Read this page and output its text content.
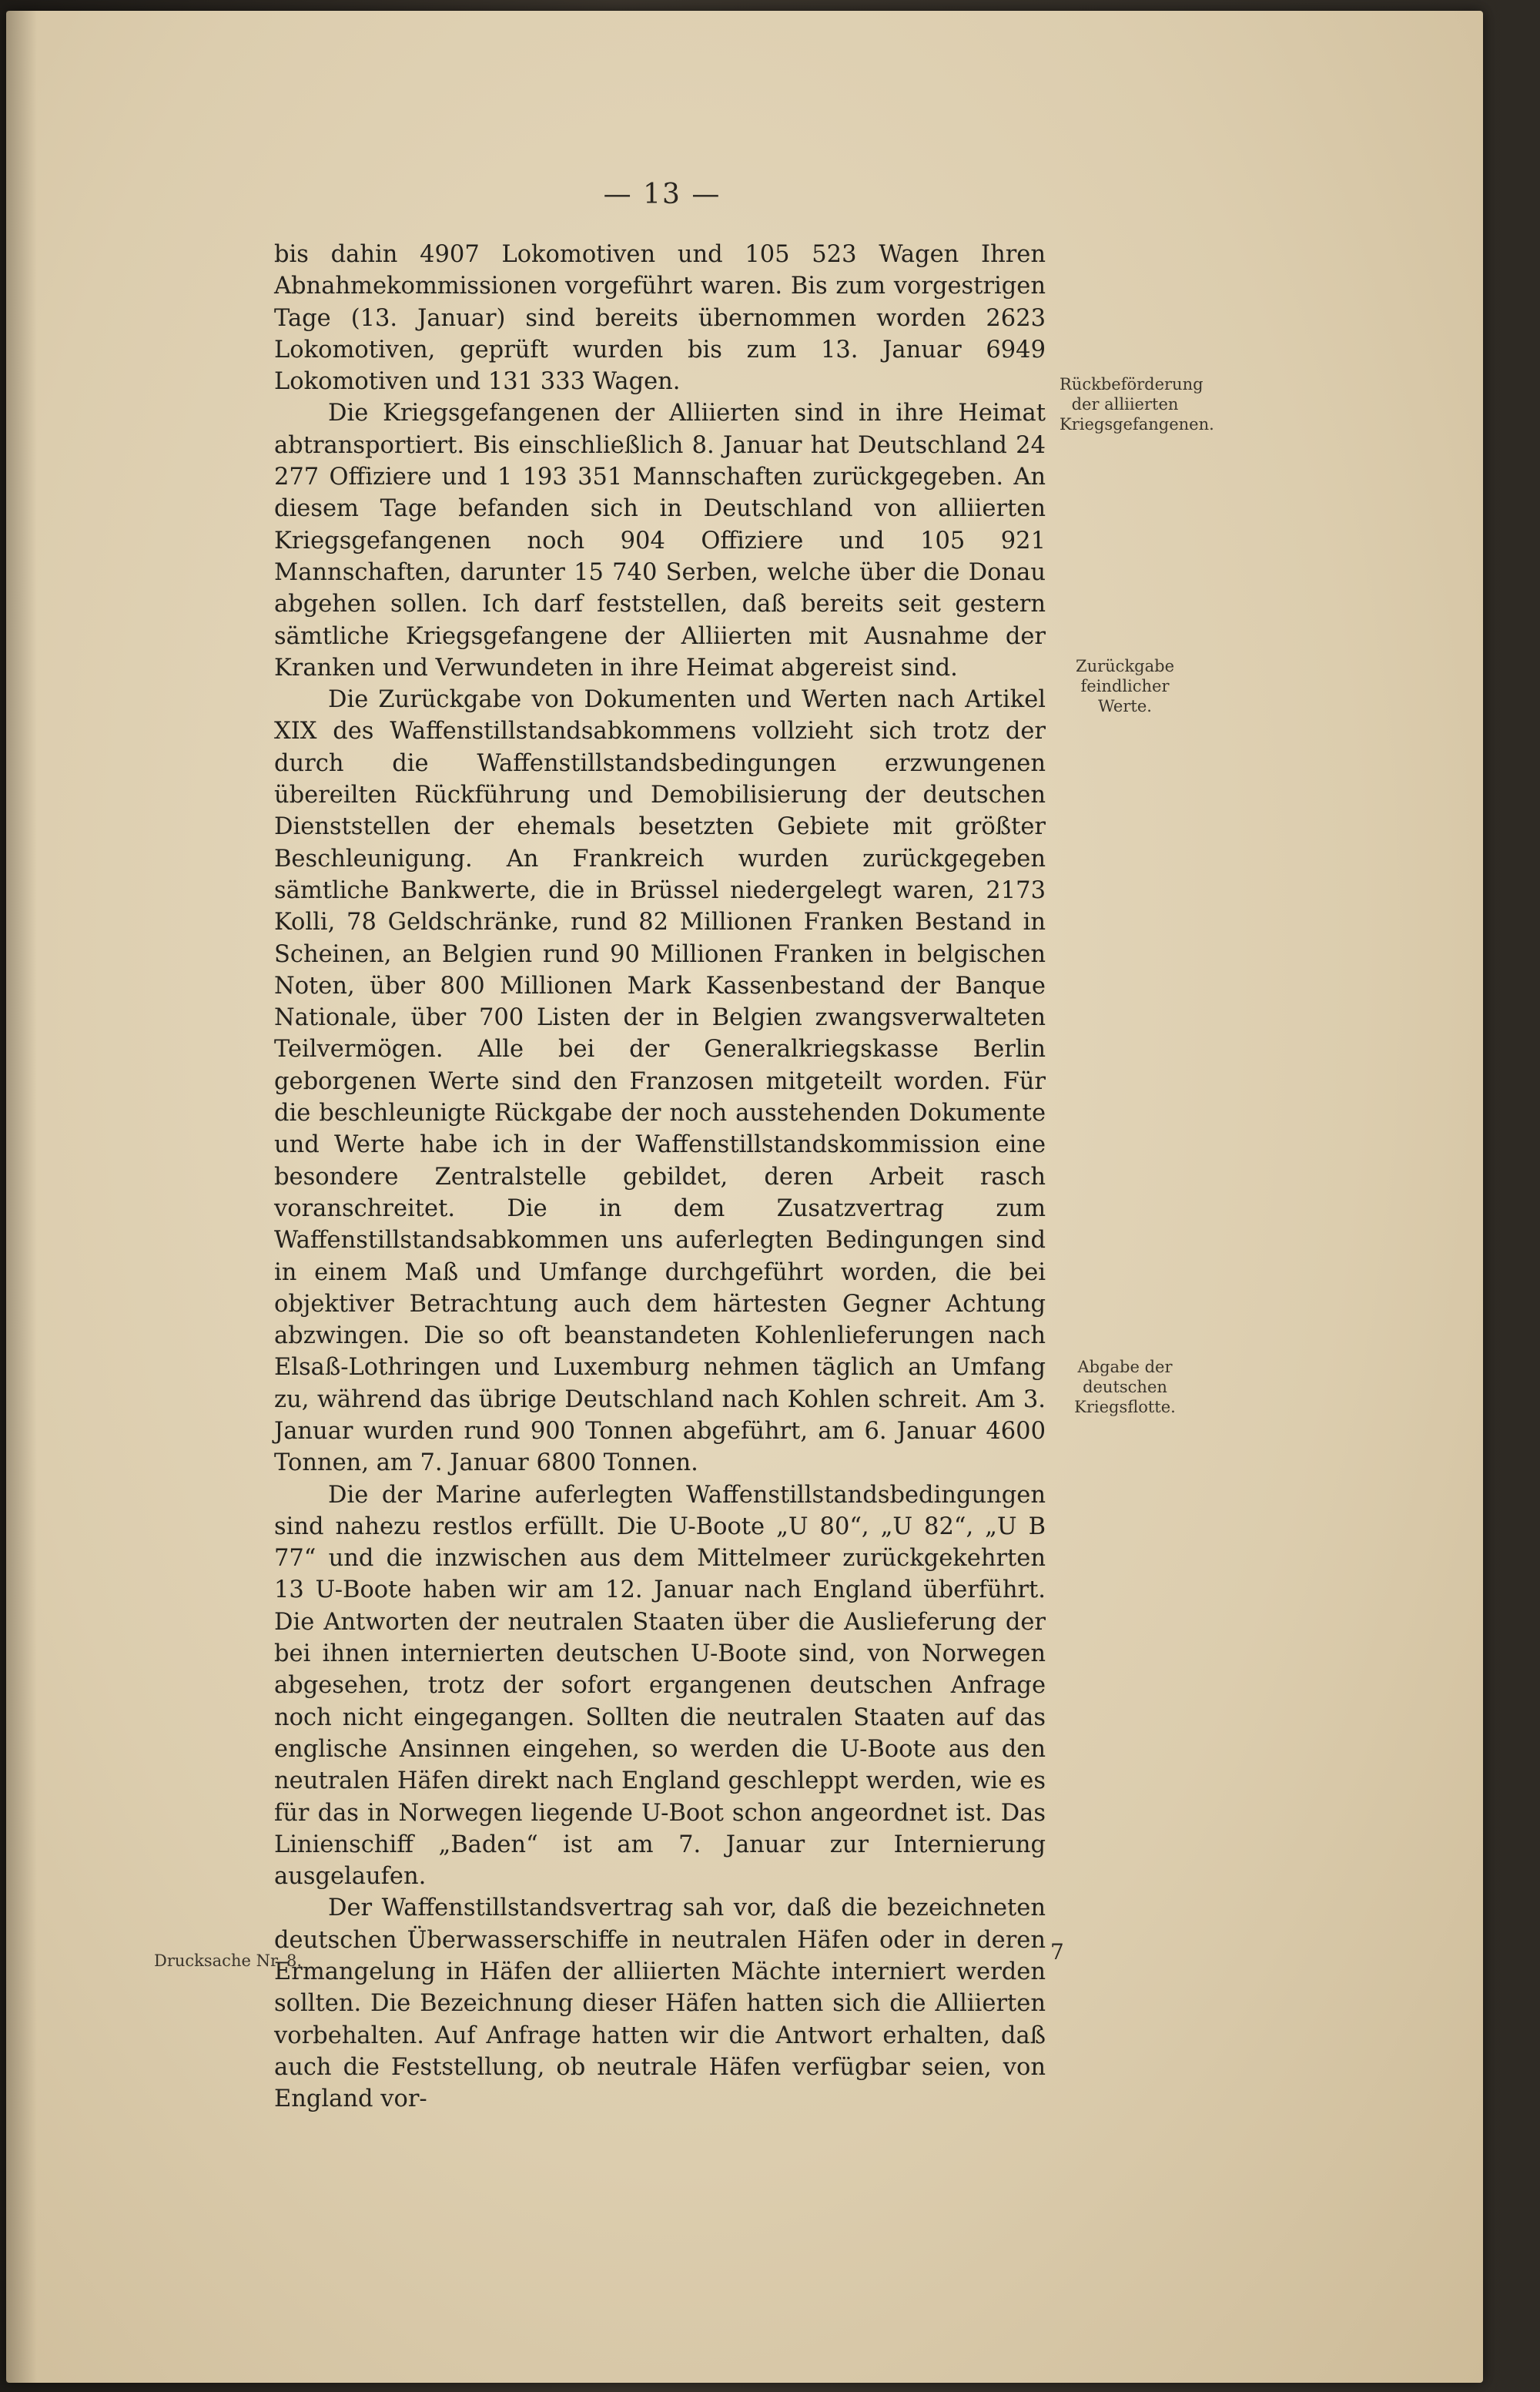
— 13 —

bis dahin 4907 Lokomotiven und 105 523 Wagen Ihren Abnahmekommissionen vorgeführt waren. Bis zum vorgestrigen Tage (13. Januar) sind bereits übernommen worden 2623 Lokomotiven, geprüft wurden bis zum 13. Januar 6949 Lokomotiven und 131 333 Wagen.

Die Kriegsgefangenen der Alliierten sind in ihre Heimat abtransportiert. Bis einschließlich 8. Januar hat Deutschland 24 277 Offiziere und 1 193 351 Mannschaften zurückgegeben. An diesem Tage befanden sich in Deutschland von alliierten Kriegsgefangenen noch 904 Offiziere und 105 921 Mannschaften, darunter 15 740 Serben, welche über die Donau abgehen sollen. Ich darf feststellen, daß bereits seit gestern sämtliche Kriegsgefangene der Alliierten mit Ausnahme der Kranken und Verwundeten in ihre Heimat abgereist sind.

Die Zurückgabe von Dokumenten und Werten nach Artikel XIX des Waffenstillstandsabkommens vollzieht sich trotz der durch die Waffenstillstandsbedingungen erzwungenen übereilten Rückführung und Demobilisierung der deutschen Dienststellen der ehemals besetzten Gebiete mit größter Beschleunigung. An Frankreich wurden zurückgegeben sämtliche Bankwerte, die in Brüssel niedergelegt waren, 2173 Kolli, 78 Geldschränke, rund 82 Millionen Franken Bestand in Scheinen, an Belgien rund 90 Millionen Franken in belgischen Noten, über 800 Millionen Mark Kassenbestand der Banque Nationale, über 700 Listen der in Belgien zwangsverwalteten Teilvermögen. Alle bei der Generalkriegskasse Berlin geborgenen Werte sind den Franzosen mitgeteilt worden. Für die beschleunigte Rückgabe der noch ausstehenden Dokumente und Werte habe ich in der Waffenstillstandskommission eine besondere Zentralstelle gebildet, deren Arbeit rasch voranschreitet. Die in dem Zusatzvertrag zum Waffenstillstandsabkommen uns auferlegten Bedingungen sind in einem Maß und Umfange durchgeführt worden, die bei objektiver Betrachtung auch dem härtesten Gegner Achtung abzwingen. Die so oft beanstandeten Kohlenlieferungen nach Elsaß-Lothringen und Luxemburg nehmen täglich an Umfang zu, während das übrige Deutschland nach Kohlen schreit. Am 3. Januar wurden rund 900 Tonnen abgeführt, am 6. Januar 4600 Tonnen, am 7. Januar 6800 Tonnen.

Die der Marine auferlegten Waffenstillstandsbedingungen sind nahezu restlos erfüllt. Die U-Boote „U 80“, „U 82“, „U B 77“ und die inzwischen aus dem Mittelmeer zurückgekehrten 13 U-Boote haben wir am 12. Januar nach England überführt. Die Antworten der neutralen Staaten über die Auslieferung der bei ihnen internierten deutschen U-Boote sind, von Norwegen abgesehen, trotz der sofort ergangenen deutschen Anfrage noch nicht eingegangen. Sollten die neutralen Staaten auf das englische Ansinnen eingehen, so werden die U-Boote aus den neutralen Häfen direkt nach England geschleppt werden, wie es für das in Norwegen liegende U-Boot schon angeordnet ist. Das Linienschiff „Baden“ ist am 7. Januar zur Internierung ausgelaufen.

Der Waffenstillstandsvertrag sah vor, daß die bezeichneten deutschen Überwasserschiffe in neutralen Häfen oder in deren Ermangelung in Häfen der alliierten Mächte interniert werden sollten. Die Bezeichnung dieser Häfen hatten sich die Alliierten vorbehalten. Auf Anfrage hatten wir die Antwort erhalten, daß auch die Feststellung, ob neutrale Häfen verfügbar seien, von England vor-

Rückbeförderung der alliierten Kriegsgefangenen.
Zurückgabe feindlicher Werte.
Abgabe der deutschen Kriegsflotte.
Drucksache Nr. 8.	7
